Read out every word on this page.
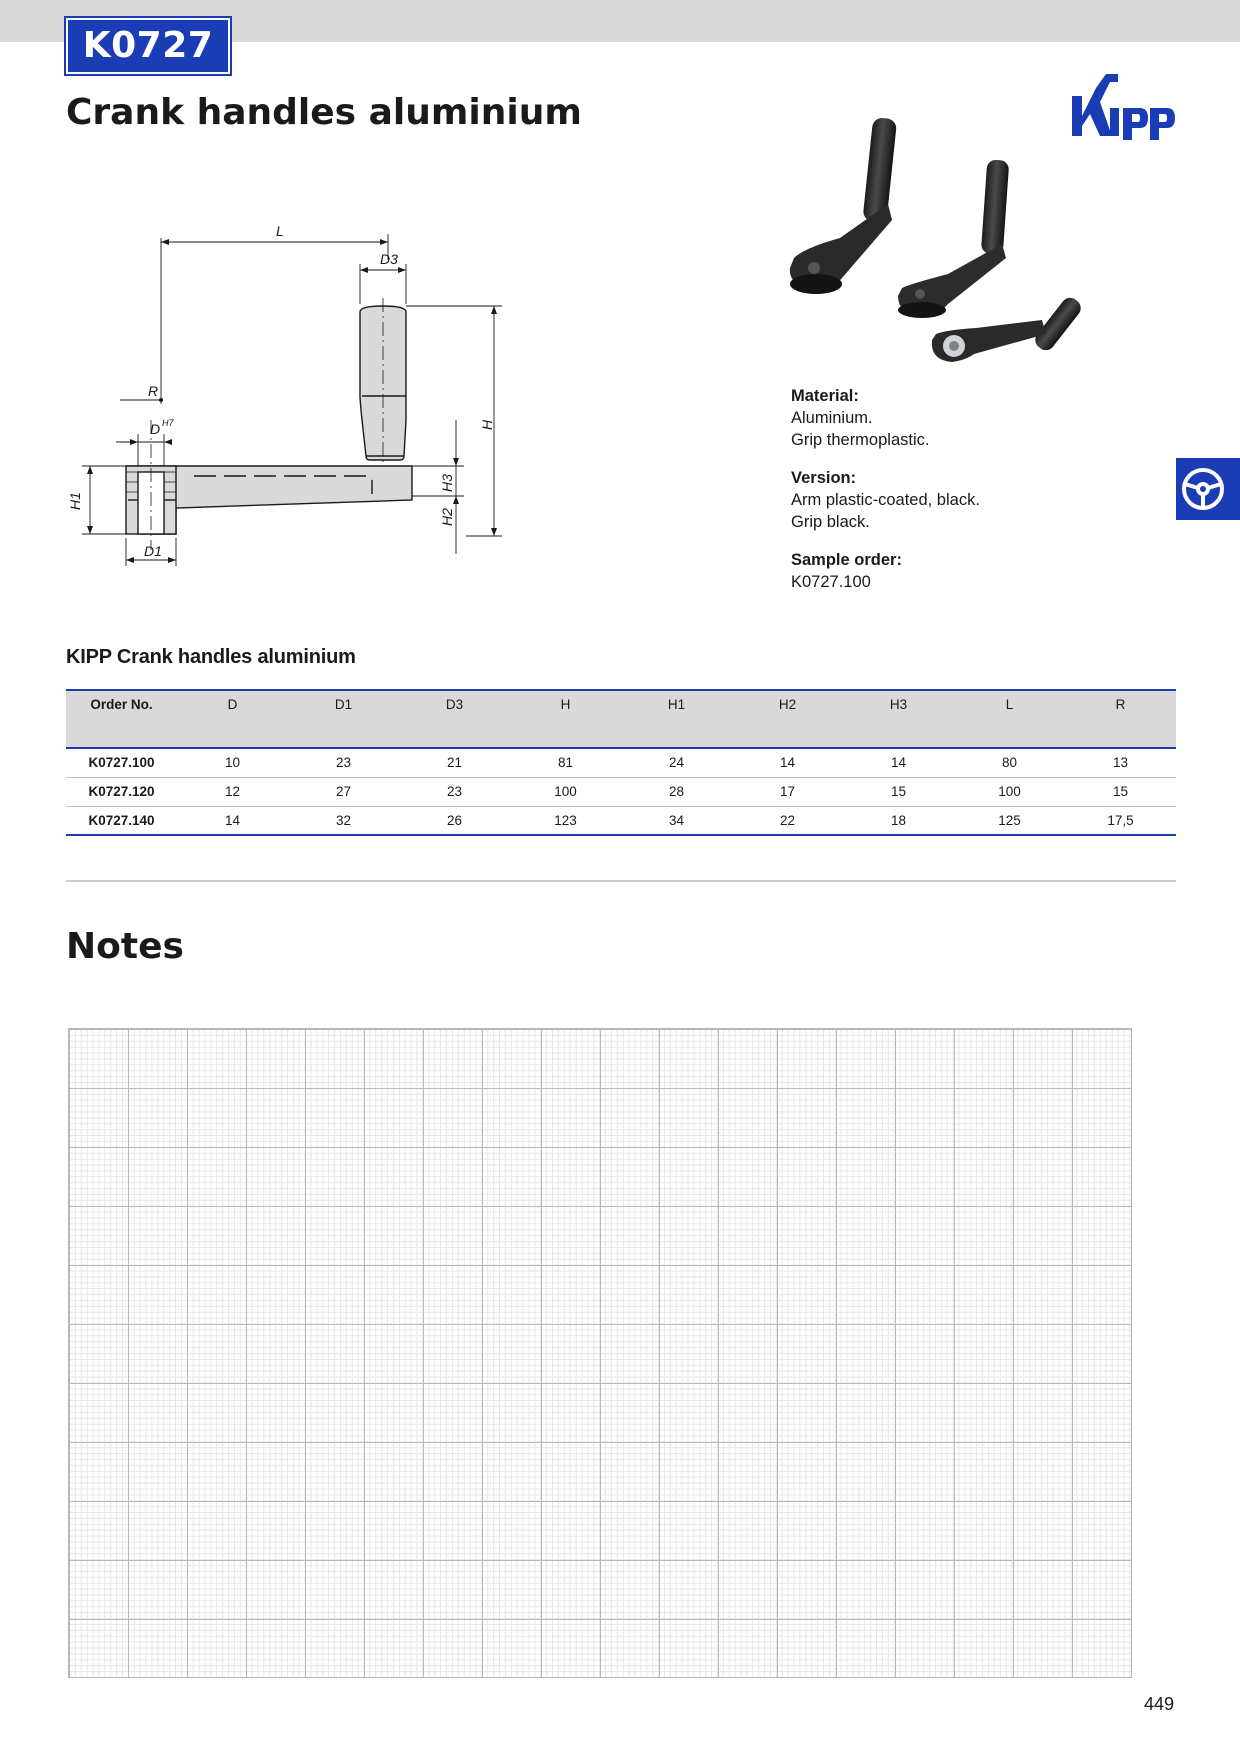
K0727
Crank handles aluminium
L
D3
R
D H7
H1
H
H3
H2
D1
Material:
Aluminium.
Grip thermoplastic.
Version:
Arm plastic-coated, black.
Grip black.
Sample order:
K0727.100
KIPP Crank handles aluminium
Order No.	D	D1	D3	H	H1	H2	H3	L	R
K0727.100	10	23	21	81	24	14	14	80	13
K0727.120	12	27	23	100	28	17	15	100	15
K0727.140	14	32	26	123	34	22	18	125	17,5
Notes
449
